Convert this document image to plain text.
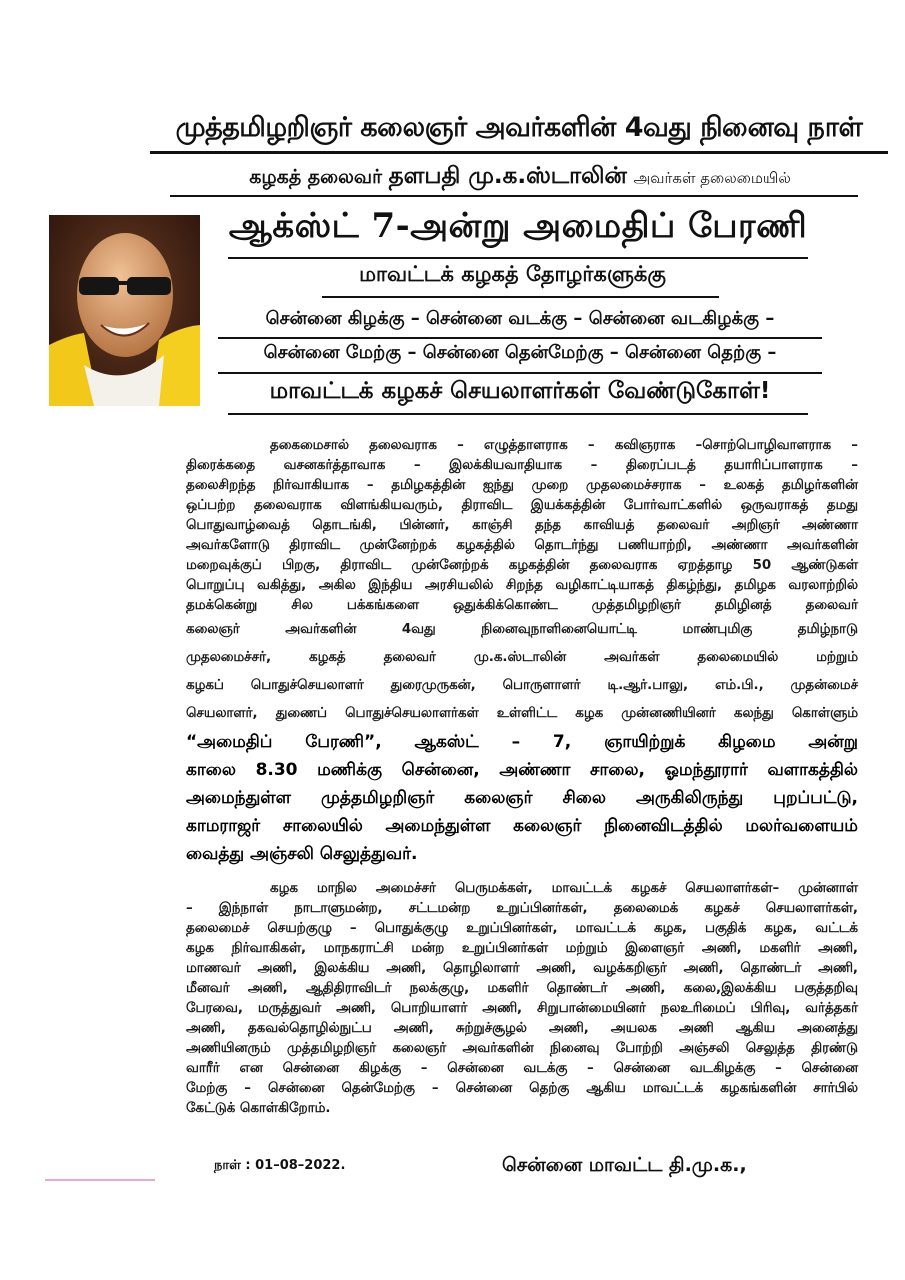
முத்தமிழறிஞர் கலைஞர் அவர்களின் 4வது நினைவு நாள்
கழகத் தலைவர் தளபதி மு.க.ஸ்டாலின் அவர்கள் தலைமையில்
ஆக்ஸ்ட் 7-அன்று அமைதிப் பேரணி
மாவட்டக் கழகத் தோழர்களுக்கு
சென்னை கிழக்கு – சென்னை வடக்கு – சென்னை வடகிழக்கு –
சென்னை மேற்கு – சென்னை தென்மேற்கு – சென்னை தெற்கு –
மாவட்டக் கழகச் செயலாளர்கள் வேண்டுகோள்!
தகைமைசால் தலைவராக – எழுத்தாளராக – கவிஞராக –சொற்பொழிவாளராக –
திரைக்கதை வசனகர்த்தாவாக – இலக்கியவாதியாக – திரைப்படத் தயாரிப்பாளராக –
தலைசிறந்த நிர்வாகியாக – தமிழகத்தின் ஐந்து முறை முதலமைச்சராக – உலகத் தமிழர்களின்
ஒப்பற்ற தலைவராக விளங்கியவரும், திராவிட இயக்கத்தின் போர்வாட்களில் ஒருவராகத் தமது
பொதுவாழ்வைத் தொடங்கி, பின்னர், காஞ்சி தந்த காவியத் தலைவர் அறிஞர் அண்ணா
அவர்களோடு திராவிட முன்னேற்றக் கழகத்தில் தொடர்ந்து பணியாற்றி, அண்ணா அவர்களின்
மறைவுக்குப் பிறகு, திராவிட முன்னேற்றக் கழகத்தின் தலைவராக ஏறத்தாழ 50 ஆண்டுகள்
பொறுப்பு வகித்து, அகில இந்திய அரசியலில் சிறந்த வழிகாட்டியாகத் திகழ்ந்து, தமிழக வரலாற்றில்
தமக்கென்று சில பக்கங்களை ஒதுக்கிக்கொண்ட முத்தமிழறிஞர் தமிழினத் தலைவர்
கலைஞர் அவர்களின் 4வது நினைவுநாளினையொட்டி மாண்புமிகு தமிழ்நாடு
முதலமைச்சர், கழகத் தலைவர் மு.க.ஸ்டாலின் அவர்கள் தலைமையில் மற்றும்
கழகப் பொதுச்செயலாளர் துரைமுருகன், பொருளாளர் டி.ஆர்.பாலு, எம்.பி., முதன்மைச்
செயலாளர், துணைப் பொதுச்செயலாளர்கள் உள்ளிட்ட கழக முன்னணியினர் கலந்து கொள்ளும்
“அமைதிப் பேரணி”, ஆகஸ்ட் – 7, ஞாயிற்றுக் கிழமை அன்று
காலை 8.30 மணிக்கு சென்னை, அண்ணா சாலை, ஓமந்தூரார் வளாகத்தில்
அமைந்துள்ள முத்தமிழறிஞர் கலைஞர் சிலை அருகிலிருந்து புறப்பட்டு,
காமராஜர் சாலையில் அமைந்துள்ள கலைஞர் நினைவிடத்தில் மலர்வளையம்
வைத்து அஞ்சலி செலுத்துவர்.
கழக மாநில அமைச்சர் பெருமக்கள், மாவட்டக் கழகச் செயலாளர்கள்– முன்னாள்
– இந்நாள் நாடாளுமன்ற, சட்டமன்ற உறுப்பினர்கள், தலைமைக் கழகச் செயலாளர்கள்,
தலைமைச் செயற்குழு – பொதுக்குழு உறுப்பினர்கள், மாவட்டக் கழக, பகுதிக் கழக, வட்டக்
கழக நிர்வாகிகள், மாநகராட்சி மன்ற உறுப்பினர்கள் மற்றும் இளைஞர் அணி, மகளிர் அணி,
மாணவர் அணி, இலக்கிய அணி, தொழிலாளர் அணி, வழக்கறிஞர் அணி, தொண்டர் அணி,
மீனவர் அணி, ஆதிதிராவிடர் நலக்குழு, மகளிர் தொண்டர் அணி, கலை,இலக்கிய பகுத்தறிவு
பேரவை, மருத்துவர் அணி, பொறியாளர் அணி, சிறுபான்மையினர் நலஉரிமைப் பிரிவு, வர்த்தகர்
அணி, தகவல்தொழில்நுட்ப அணி, சுற்றுச்சூழல் அணி, அயலக அணி ஆகிய அனைத்து
அணியினரும் முத்தமிழறிஞர் கலைஞர் அவர்களின் நினைவு போற்றி அஞ்சலி செலுத்த திரண்டு
வாரீர் என சென்னை கிழக்கு – சென்னை வடக்கு – சென்னை வடகிழக்கு – சென்னை
மேற்கு – சென்னை தென்மேற்கு – சென்னை தெற்கு ஆகிய மாவட்டக் கழகங்களின் சார்பில்
கேட்டுக் கொள்கிறோம்.
நாள் : 01–08–2022.	சென்னை மாவட்ட தி.மு.க.,
